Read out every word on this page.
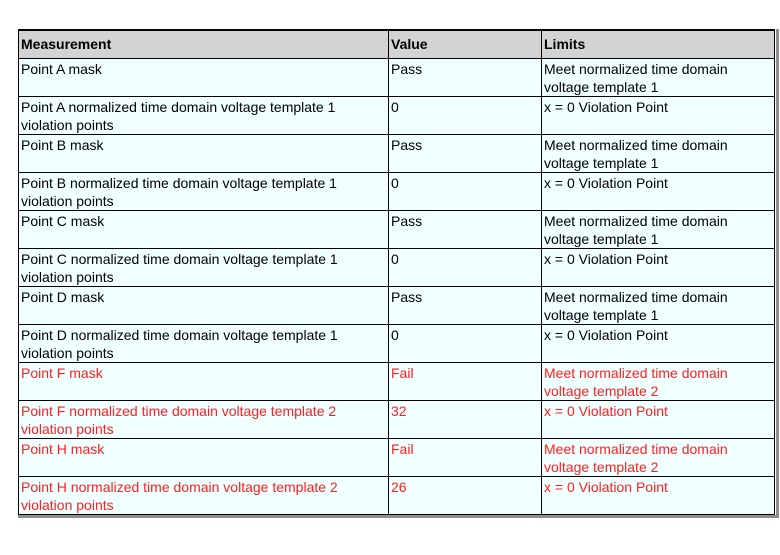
Measurement	Value	Limits
Point A mask	Pass	Meet normalized time domain voltage template 1
Point A normalized time domain voltage template 1 violation points	0	x = 0 Violation Point
Point B mask	Pass	Meet normalized time domain voltage template 1
Point B normalized time domain voltage template 1 violation points	0	x = 0 Violation Point
Point C mask	Pass	Meet normalized time domain voltage template 1
Point C normalized time domain voltage template 1 violation points	0	x = 0 Violation Point
Point D mask	Pass	Meet normalized time domain voltage template 1
Point D normalized time domain voltage template 1 violation points	0	x = 0 Violation Point
Point F mask	Fail	Meet normalized time domain voltage template 2
Point F normalized time domain voltage template 2 violation points	32	x = 0 Violation Point
Point H mask	Fail	Meet normalized time domain voltage template 2
Point H normalized time domain voltage template 2 violation points	26	x = 0 Violation Point
